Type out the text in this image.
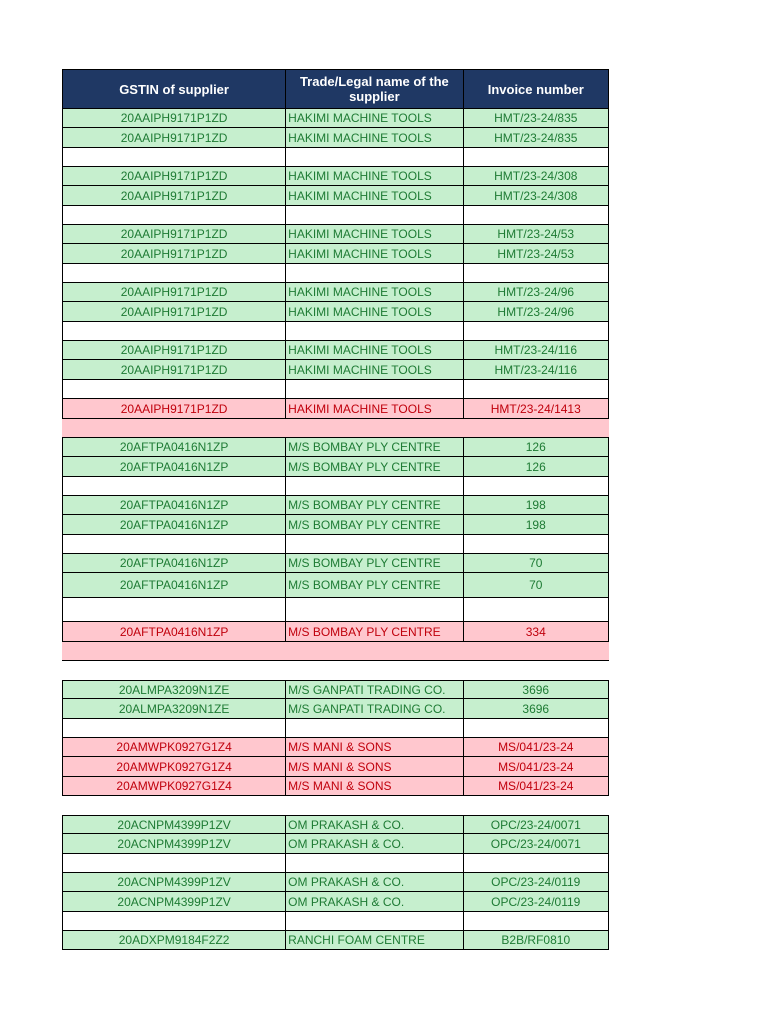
GSTIN of supplier	Trade/Legal name of the supplier	Invoice number
20AAIPH9171P1ZD	HAKIMI MACHINE TOOLS	HMT/23-24/835
20AAIPH9171P1ZD	HAKIMI MACHINE TOOLS	HMT/23-24/835
20AAIPH9171P1ZD	HAKIMI MACHINE TOOLS	HMT/23-24/308
20AAIPH9171P1ZD	HAKIMI MACHINE TOOLS	HMT/23-24/308
20AAIPH9171P1ZD	HAKIMI MACHINE TOOLS	HMT/23-24/53
20AAIPH9171P1ZD	HAKIMI MACHINE TOOLS	HMT/23-24/53
20AAIPH9171P1ZD	HAKIMI MACHINE TOOLS	HMT/23-24/96
20AAIPH9171P1ZD	HAKIMI MACHINE TOOLS	HMT/23-24/96
20AAIPH9171P1ZD	HAKIMI MACHINE TOOLS	HMT/23-24/116
20AAIPH9171P1ZD	HAKIMI MACHINE TOOLS	HMT/23-24/116
20AAIPH9171P1ZD	HAKIMI MACHINE TOOLS	HMT/23-24/1413
20AFTPA0416N1ZP	M/S BOMBAY PLY CENTRE	126
20AFTPA0416N1ZP	M/S BOMBAY PLY CENTRE	126
20AFTPA0416N1ZP	M/S BOMBAY PLY CENTRE	198
20AFTPA0416N1ZP	M/S BOMBAY PLY CENTRE	198
20AFTPA0416N1ZP	M/S BOMBAY PLY CENTRE	70
20AFTPA0416N1ZP	M/S BOMBAY PLY CENTRE	70
20AFTPA0416N1ZP	M/S BOMBAY PLY CENTRE	334
20ALMPA3209N1ZE	M/S GANPATI TRADING CO.	3696
20ALMPA3209N1ZE	M/S GANPATI TRADING CO.	3696
20AMWPK0927G1Z4	M/S MANI & SONS	MS/041/23-24
20AMWPK0927G1Z4	M/S MANI & SONS	MS/041/23-24
20AMWPK0927G1Z4	M/S MANI & SONS	MS/041/23-24
20ACNPM4399P1ZV	OM PRAKASH & CO.	OPC/23-24/0071
20ACNPM4399P1ZV	OM PRAKASH & CO.	OPC/23-24/0071
20ACNPM4399P1ZV	OM PRAKASH & CO.	OPC/23-24/0119
20ACNPM4399P1ZV	OM PRAKASH & CO.	OPC/23-24/0119
20ADXPM9184F2Z2	RANCHI FOAM CENTRE	B2B/RF0810
